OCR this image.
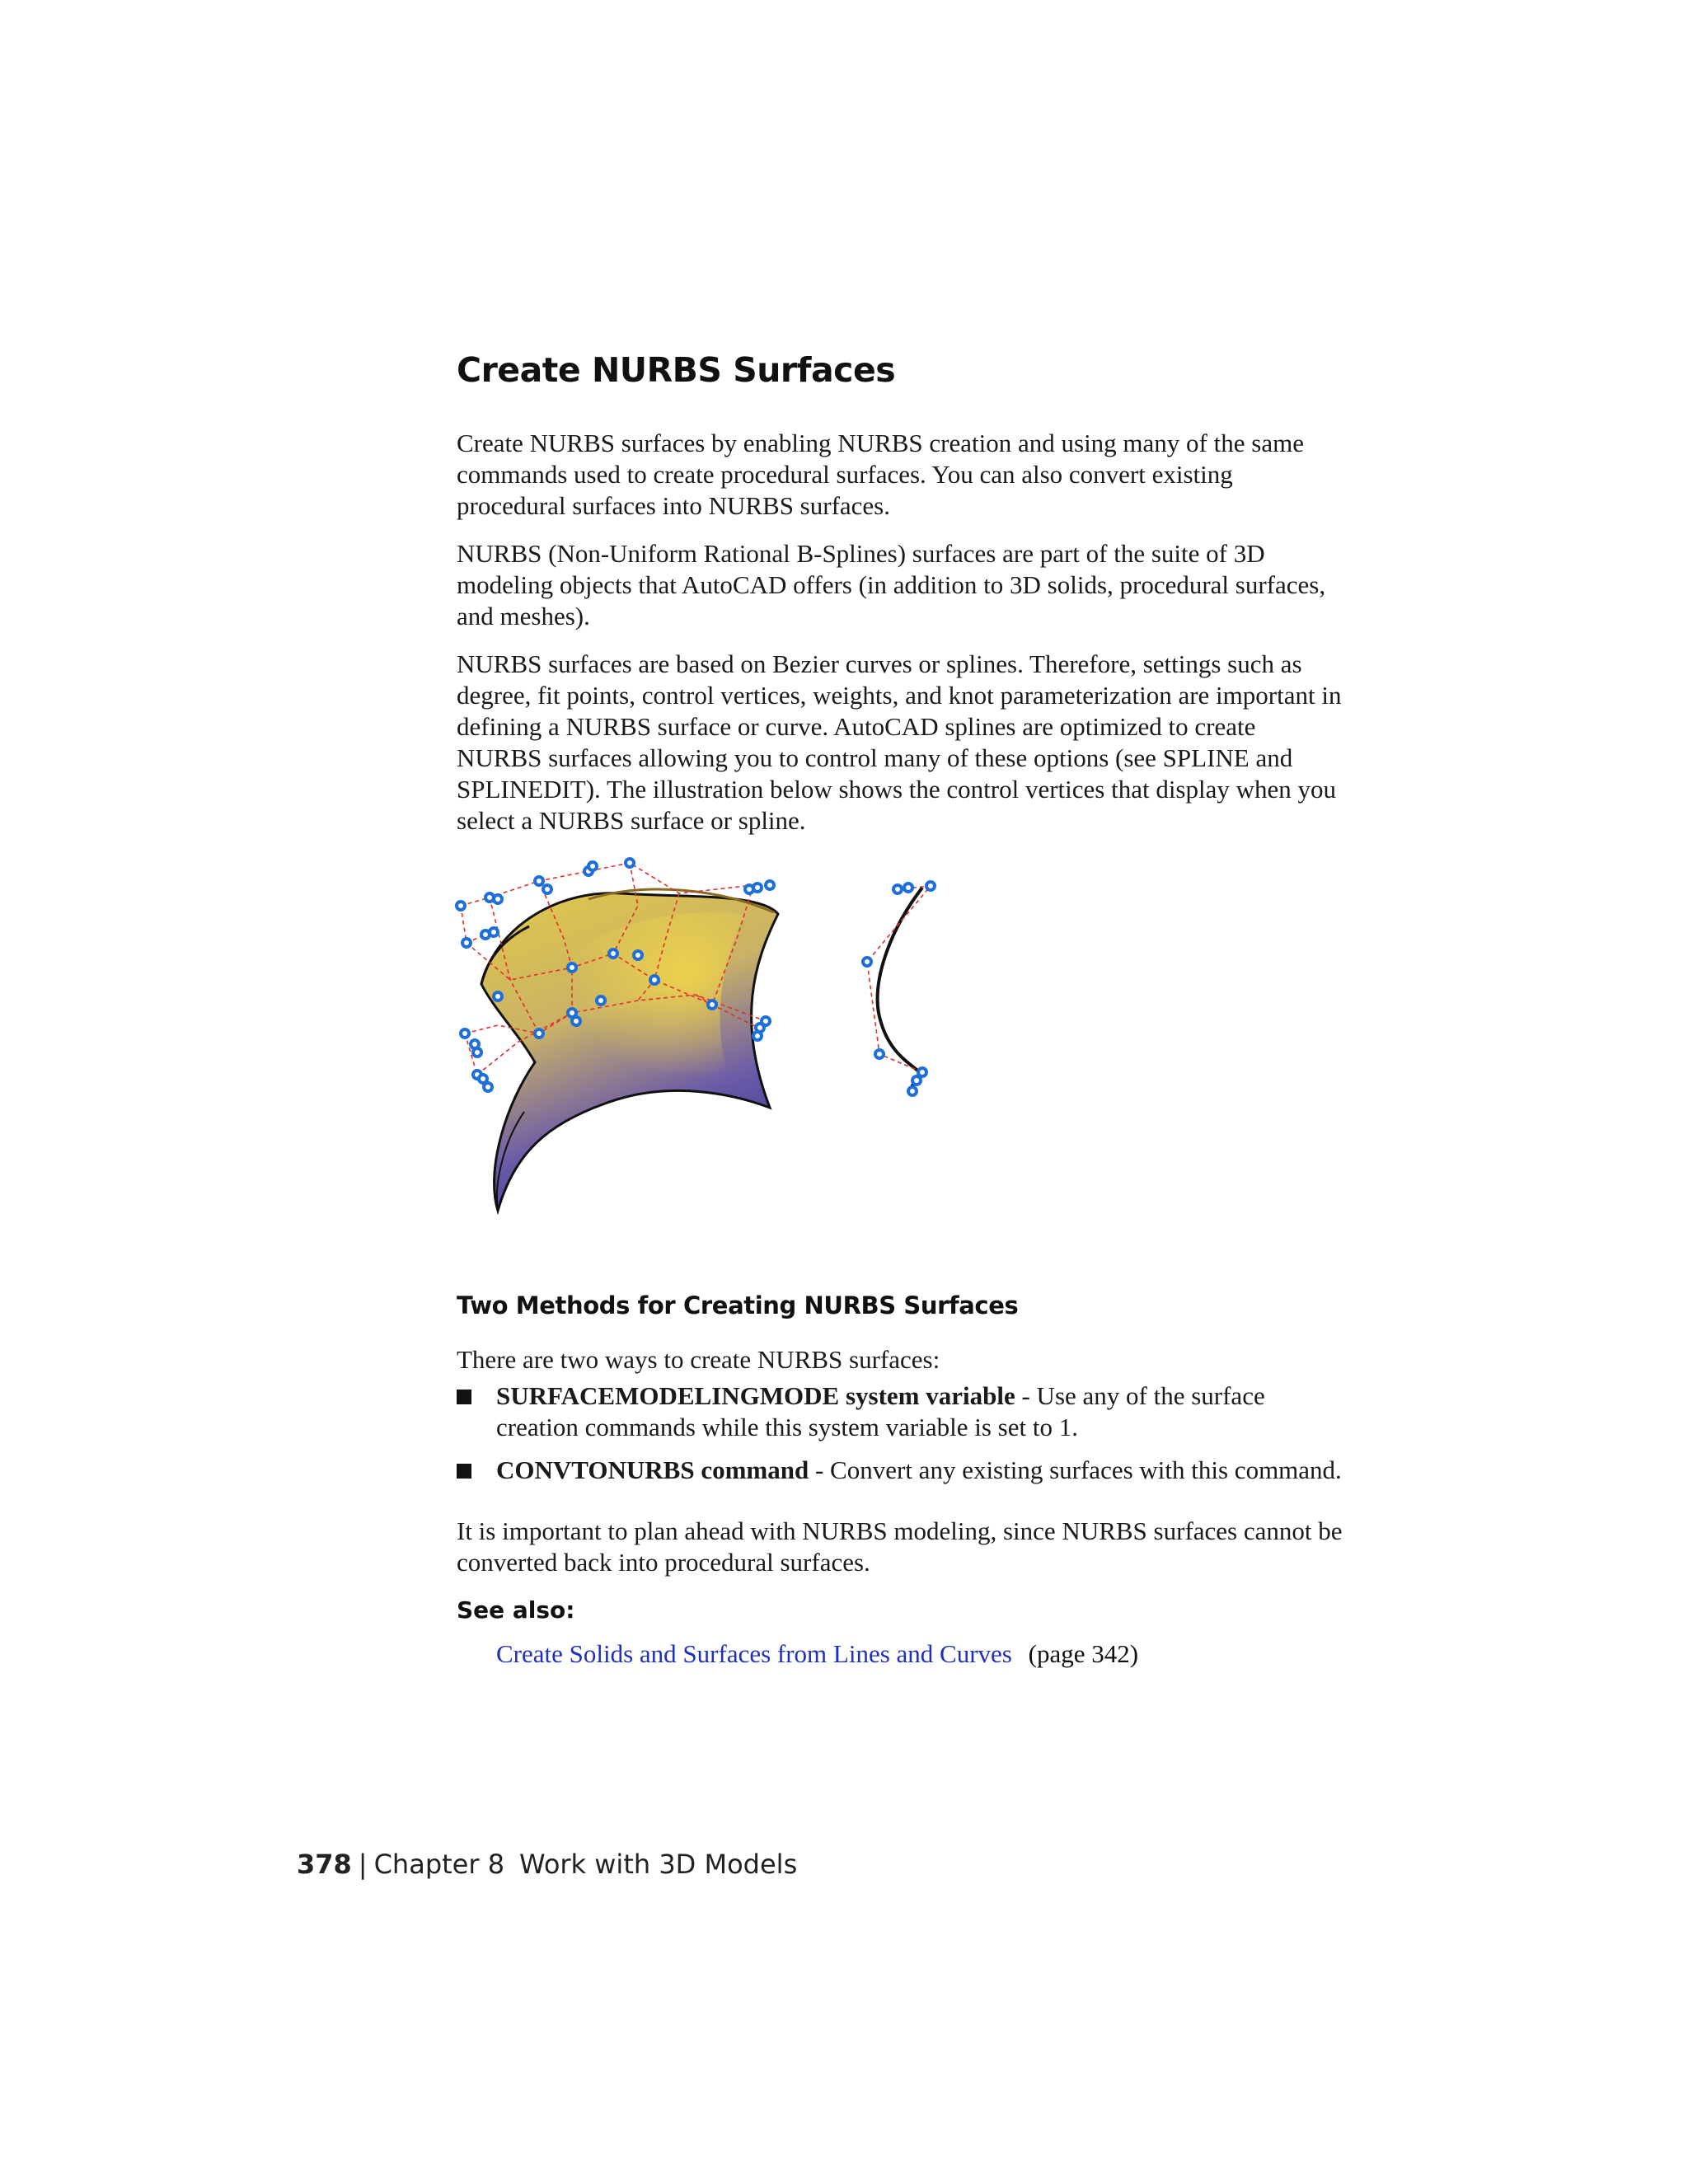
Create NURBS Surfaces

Create NURBS surfaces by enabling NURBS creation and using many of the same commands used to create procedural surfaces. You can also convert existing procedural surfaces into NURBS surfaces.

NURBS (Non-Uniform Rational B-Splines) surfaces are part of the suite of 3D modeling objects that AutoCAD offers (in addition to 3D solids, procedural surfaces, and meshes).

NURBS surfaces are based on Bezier curves or splines. Therefore, settings such as degree, fit points, control vertices, weights, and knot parameterization are important in defining a NURBS surface or curve. AutoCAD splines are optimized to create NURBS surfaces allowing you to control many of these options (see SPLINE and SPLINEDIT). The illustration below shows the control vertices that display when you select a NURBS surface or spline.

Two Methods for Creating NURBS Surfaces

There are two ways to create NURBS surfaces:

SURFACEMODELINGMODE system variable - Use any of the surface creation commands while this system variable is set to 1.
CONVTONURBS command - Convert any existing surfaces with this command.

It is important to plan ahead with NURBS modeling, since NURBS surfaces cannot be converted back into procedural surfaces.

See also:
Create Solids and Surfaces from Lines and Curves (page 342)
378 | Chapter 8 Work with 3D Models
